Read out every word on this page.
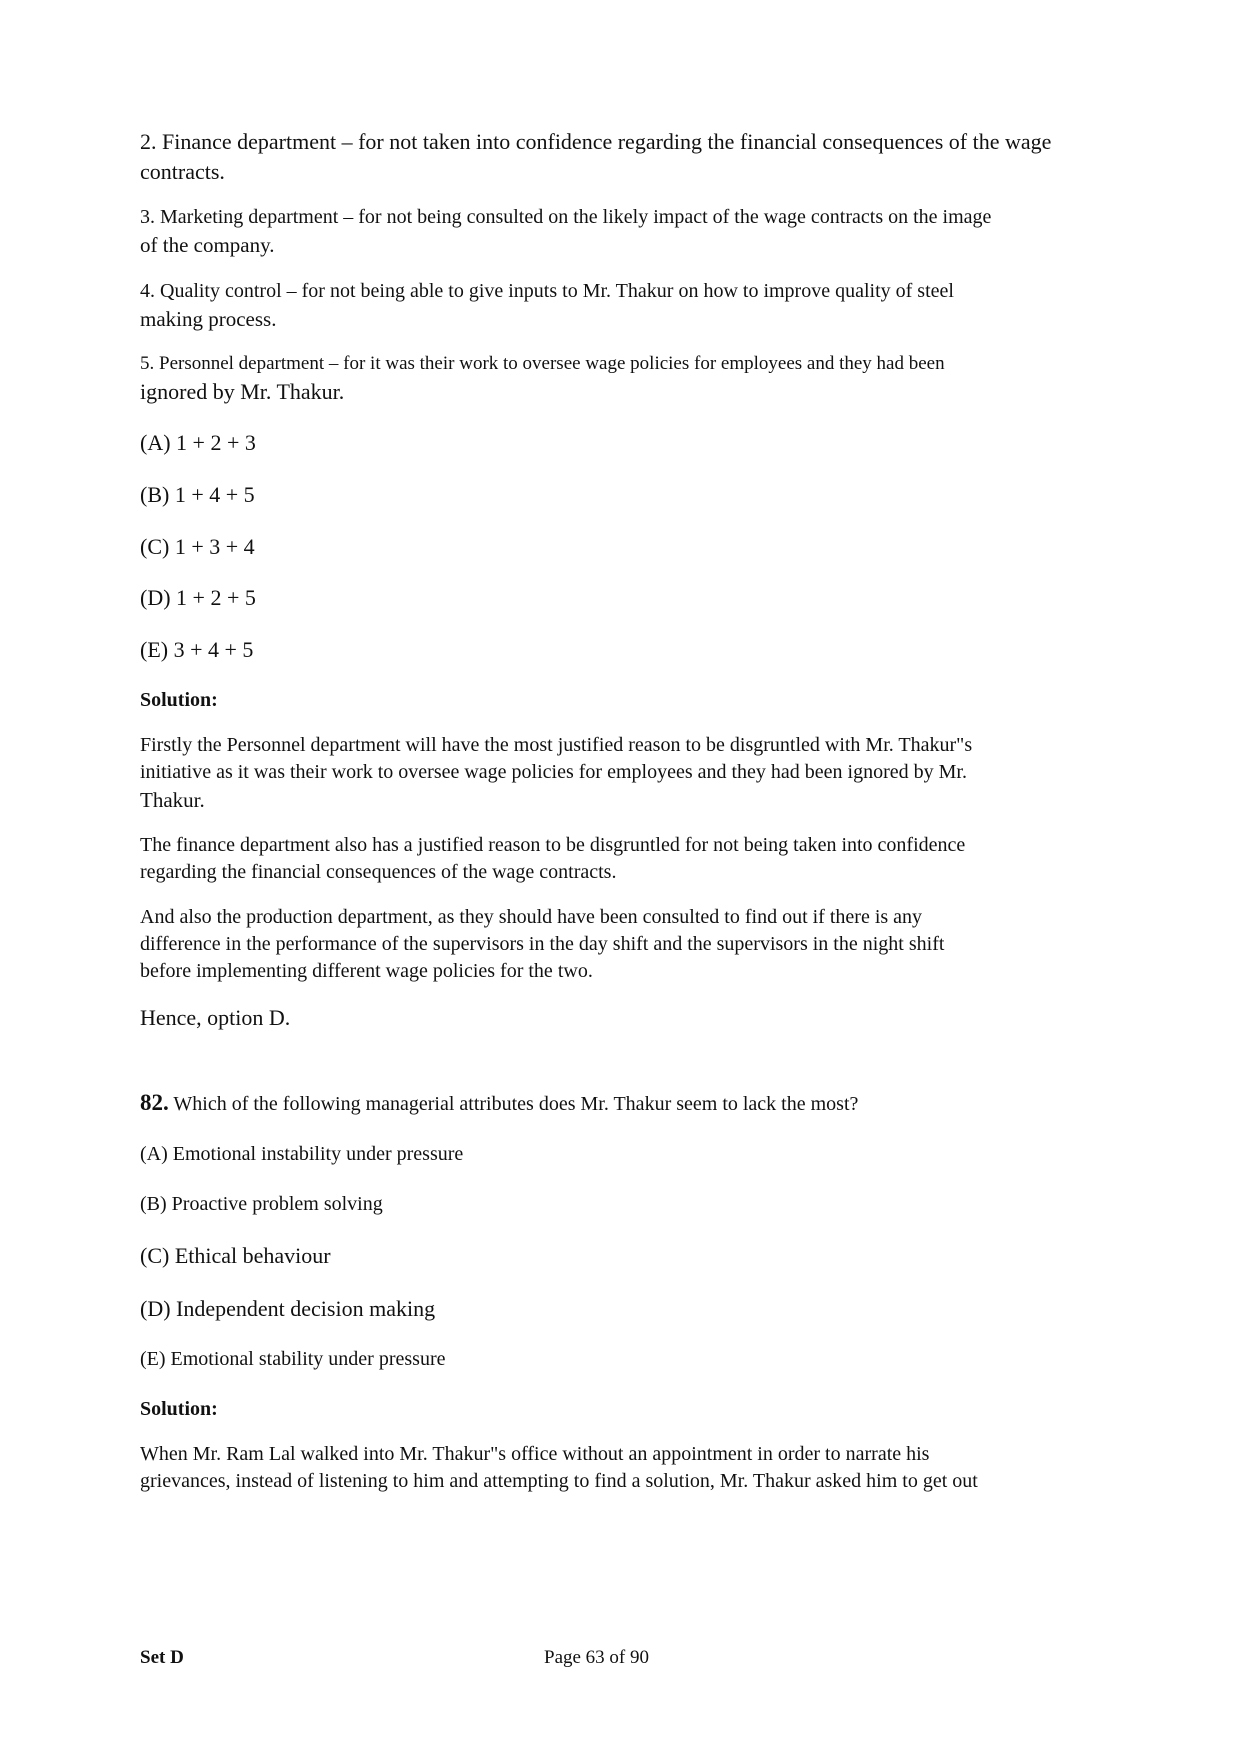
2. Finance department – for not taken into confidence regarding the financial consequences of the wage
contracts.
3. Marketing department – for not being consulted on the likely impact of the wage contracts on the image
of the company.
4. Quality control – for not being able to give inputs to Mr. Thakur on how to improve quality of steel
making process.
5. Personnel department – for it was their work to oversee wage policies for employees and they had been
ignored by Mr. Thakur.
(A) 1 + 2 + 3
(B) 1 + 4 + 5
(C) 1 + 3 + 4
(D) 1 + 2 + 5
(E) 3 + 4 + 5
Solution:
Firstly the Personnel department will have the most justified reason to be disgruntled with Mr. Thakur"s
initiative as it was their work to oversee wage policies for employees and they had been ignored by Mr.
Thakur.
The finance department also has a justified reason to be disgruntled for not being taken into confidence
regarding the financial consequences of the wage contracts.
And also the production department, as they should have been consulted to find out if there is any
difference in the performance of the supervisors in the day shift and the supervisors in the night shift
before implementing different wage policies for the two.
Hence, option D.
82. Which of the following managerial attributes does Mr. Thakur seem to lack the most?
(A) Emotional instability under pressure
(B) Proactive problem solving
(C) Ethical behaviour
(D) Independent decision making
(E) Emotional stability under pressure
Solution:
When Mr. Ram Lal walked into Mr. Thakur"s office without an appointment in order to narrate his
grievances, instead of listening to him and attempting to find a solution, Mr. Thakur asked him to get out
Set D	Page 63 of 90
